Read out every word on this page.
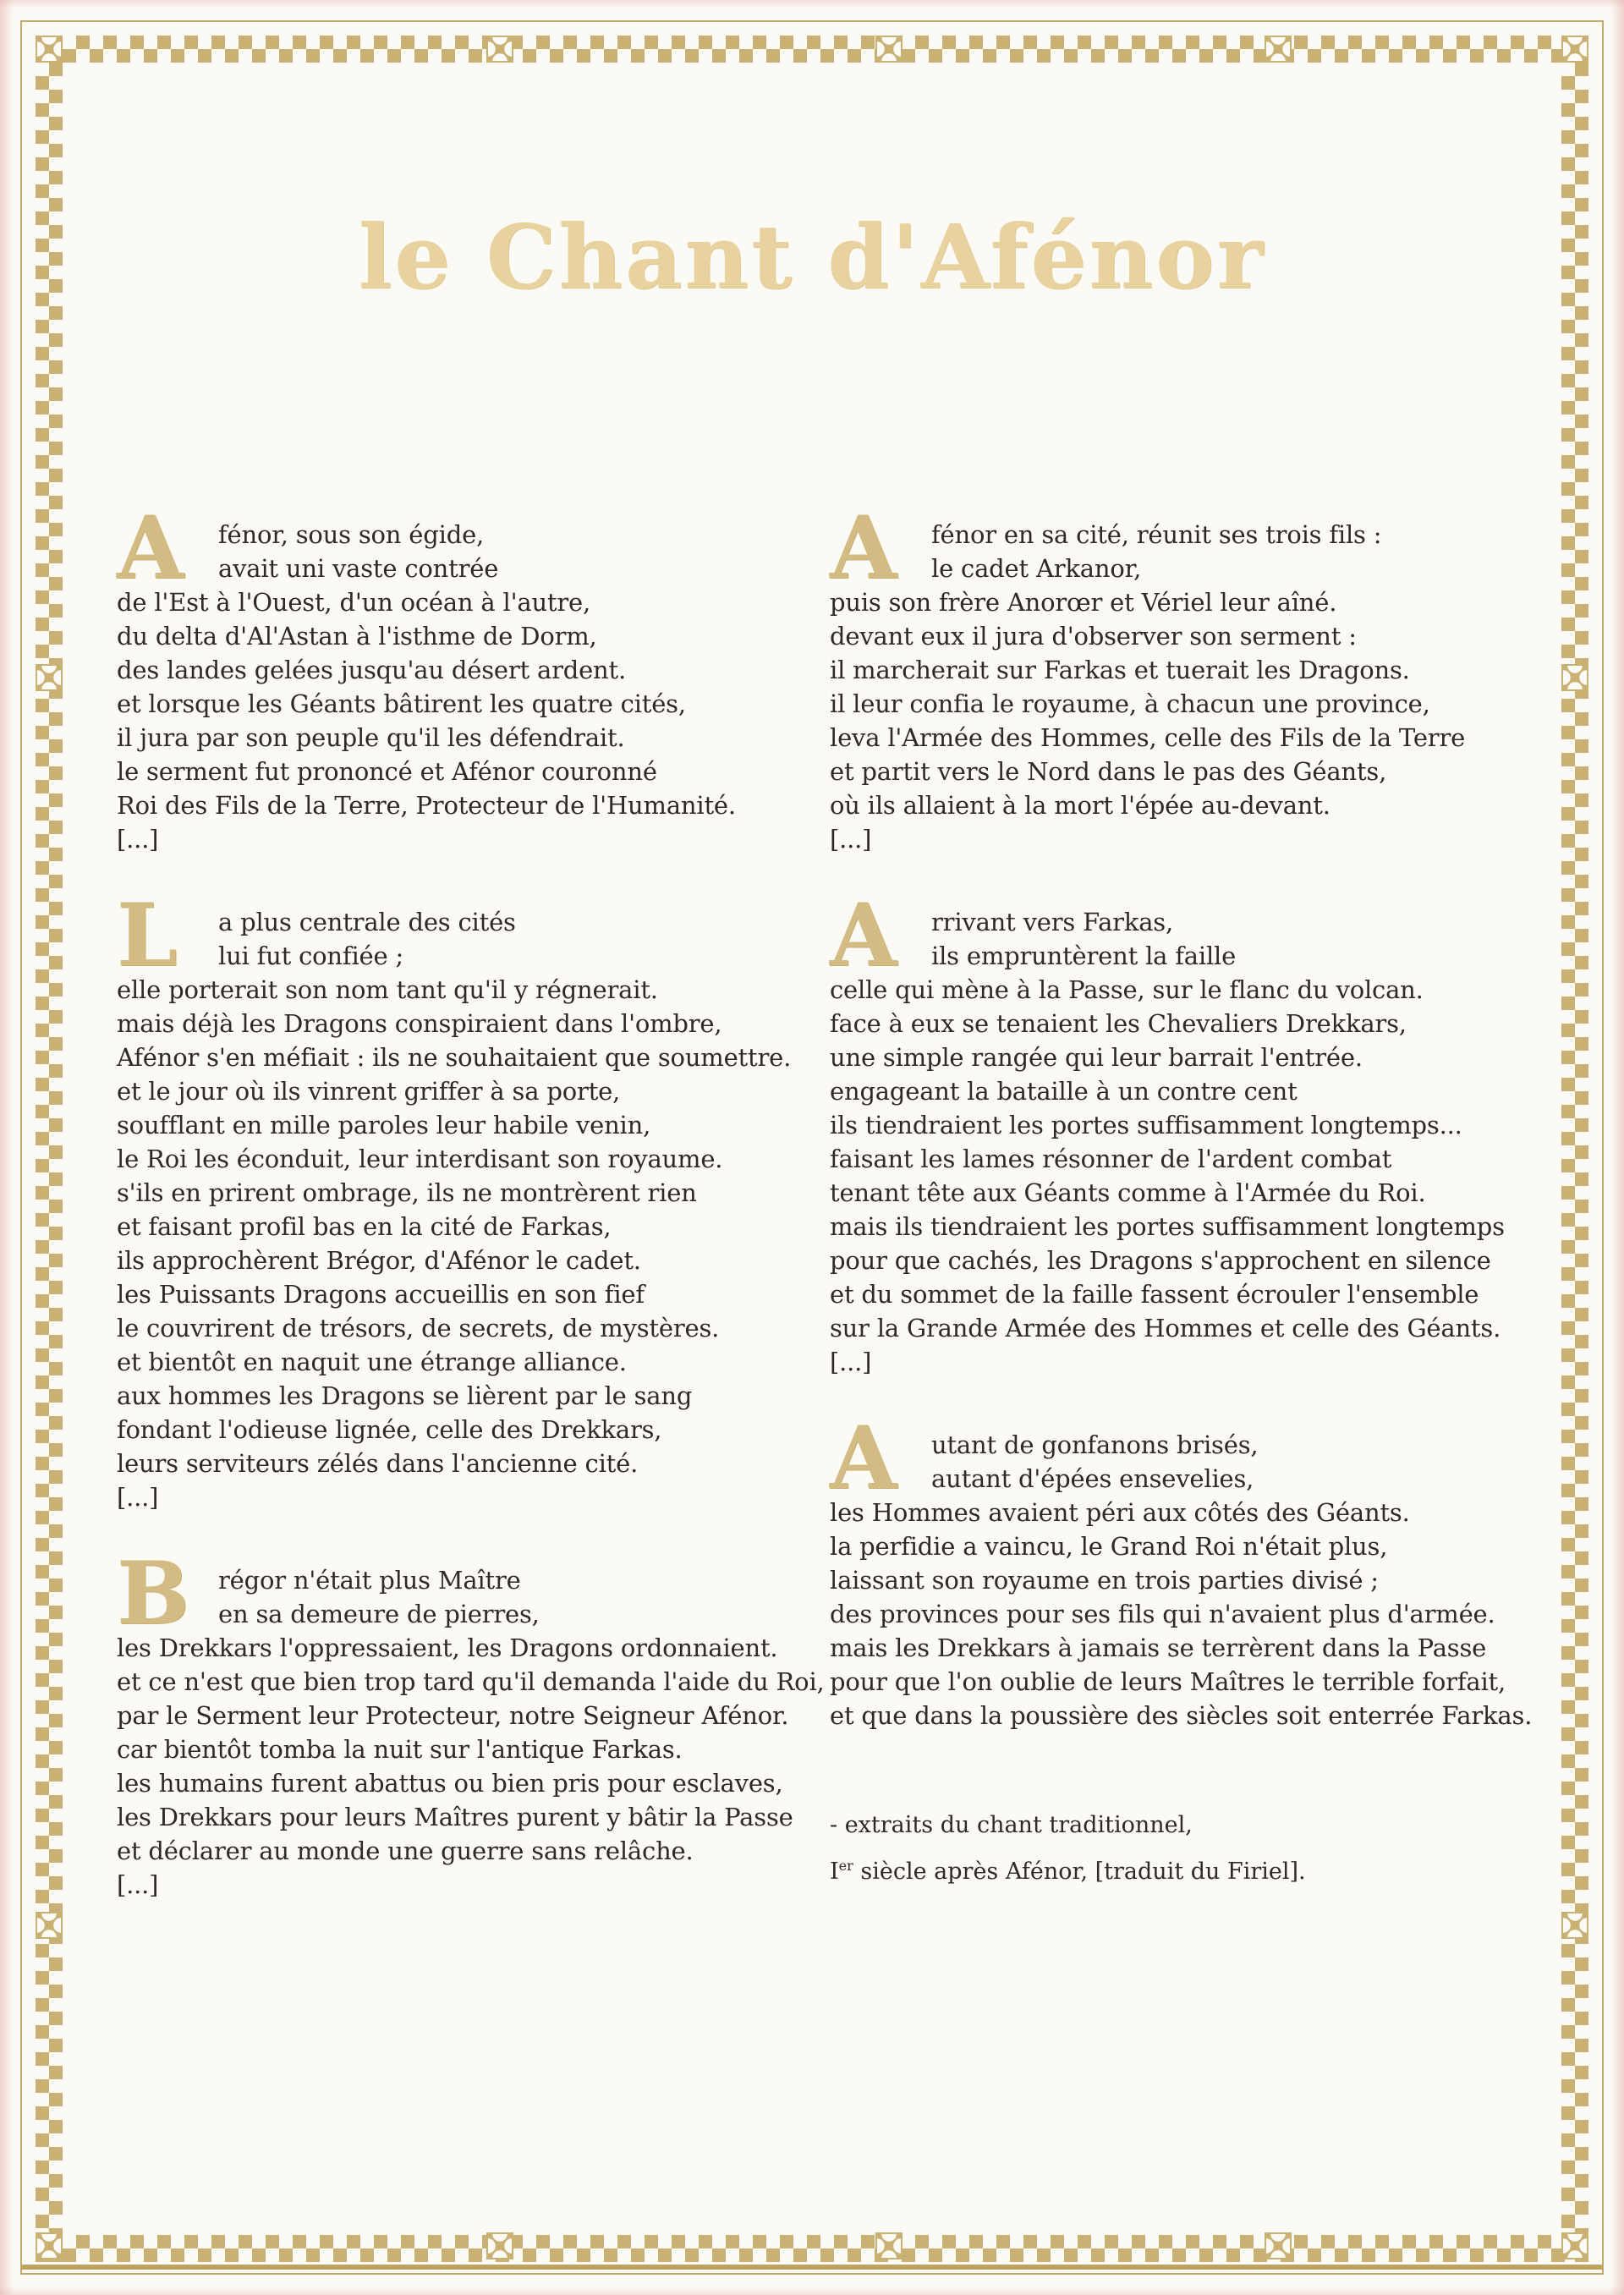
le Chant d'Afénor
A	fénor, sous son égide,
avait uni vaste contrée
de l'Est à l'Ouest, d'un océan à l'autre,
du delta d'Al'Astan à l'isthme de Dorm,
des landes gelées jusqu'au désert ardent.
et lorsque les Géants bâtirent les quatre cités,
il jura par son peuple qu'il les défendrait.
le serment fut prononcé et Afénor couronné
Roi des Fils de la Terre, Protecteur de l'Humanité.
[...]
L	a plus centrale des cités
lui fut confiée ;
elle porterait son nom tant qu'il y régnerait.
mais déjà les Dragons conspiraient dans l'ombre,
Afénor s'en méfiait : ils ne souhaitaient que soumettre.
et le jour où ils vinrent griffer à sa porte,
soufflant en mille paroles leur habile venin,
le Roi les éconduit, leur interdisant son royaume.
s'ils en prirent ombrage, ils ne montrèrent rien
et faisant profil bas en la cité de Farkas,
ils approchèrent Brégor, d'Afénor le cadet.
les Puissants Dragons accueillis en son fief
le couvrirent de trésors, de secrets, de mystères.
et bientôt en naquit une étrange alliance.
aux hommes les Dragons se lièrent par le sang
fondant l'odieuse lignée, celle des Drekkars,
leurs serviteurs zélés dans l'ancienne cité.
[...]
B	régor n'était plus Maître
en sa demeure de pierres,
les Drekkars l'oppressaient, les Dragons ordonnaient.
et ce n'est que bien trop tard qu'il demanda l'aide du Roi,
par le Serment leur Protecteur, notre Seigneur Afénor.
car bientôt tomba la nuit sur l'antique Farkas.
les humains furent abattus ou bien pris pour esclaves,
les Drekkars pour leurs Maîtres purent y bâtir la Passe
et déclarer au monde une guerre sans relâche.
[...]
A	fénor en sa cité, réunit ses trois fils :
le cadet Arkanor,
puis son frère Anorœr et Vériel leur aîné.
devant eux il jura d'observer son serment :
il marcherait sur Farkas et tuerait les Dragons.
il leur confia le royaume, à chacun une province,
leva l'Armée des Hommes, celle des Fils de la Terre
et partit vers le Nord dans le pas des Géants,
où ils allaient à la mort l'épée au-devant.
[...]
A	rrivant vers Farkas,
ils empruntèrent la faille
celle qui mène à la Passe, sur le flanc du volcan.
face à eux se tenaient les Chevaliers Drekkars,
une simple rangée qui leur barrait l'entrée.
engageant la bataille à un contre cent
ils tiendraient les portes suffisamment longtemps...
faisant les lames résonner de l'ardent combat
tenant tête aux Géants comme à l'Armée du Roi.
mais ils tiendraient les portes suffisamment longtemps
pour que cachés, les Dragons s'approchent en silence
et du sommet de la faille fassent écrouler l'ensemble
sur la Grande Armée des Hommes et celle des Géants.
[...]
A	utant de gonfanons brisés,
autant d'épées ensevelies,
les Hommes avaient péri aux côtés des Géants.
la perfidie a vaincu, le Grand Roi n'était plus,
laissant son royaume en trois parties divisé ;
des provinces pour ses fils qui n'avaient plus d'armée.
mais les Drekkars à jamais se terrèrent dans la Passe
pour que l'on oublie de leurs Maîtres le terrible forfait,
et que dans la poussière des siècles soit enterrée Farkas.
- extraits du chant traditionnel,
Ier siècle après Afénor, [traduit du Firiel].
